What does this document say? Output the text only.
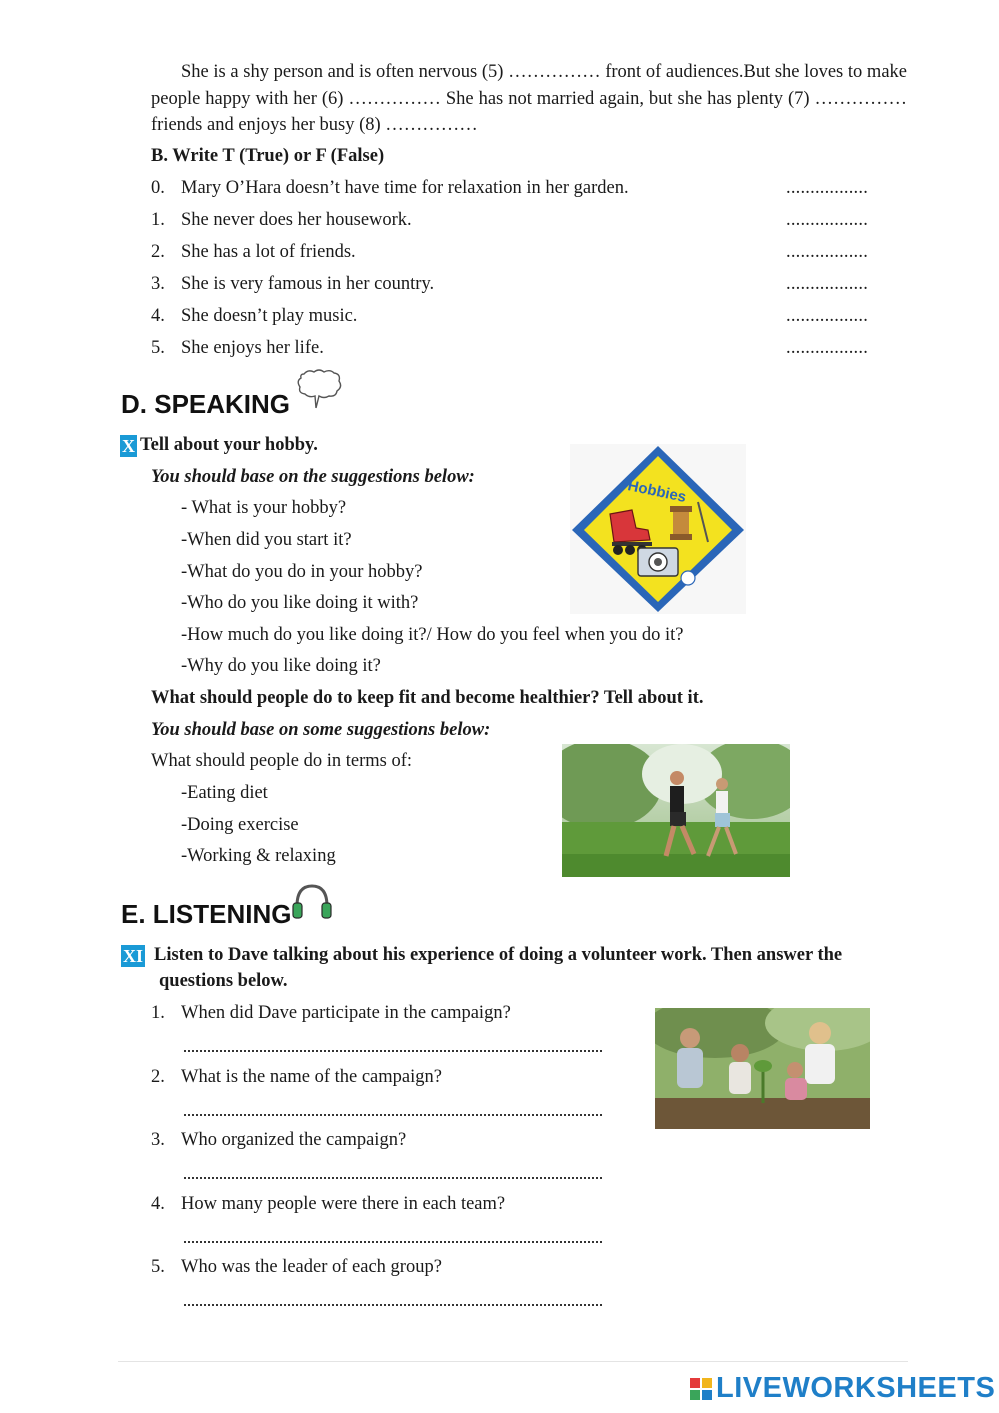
She is a shy person and is often nervous (5) …………… front of audiences.But she loves to make people happy with her (6) …………… She has not married again, but she has plenty (7) …………… friends and enjoys her busy (8) ……………
B. Write T (True) or F (False)
0. Mary O’Hara doesn’t have time for relaxation in her garden.	.................
1. She never does her housework.	.................
2. She has a lot of friends.	.................
3. She is very famous in her country.	.................
4. She doesn’t play music.	.................
5. She enjoys her life.	.................
D. SPEAKING
X Tell about your hobby.
You should base on the suggestions below:
- What is your hobby?
-When did you start it?
-What do you do in your hobby?
-Who do you like doing it with?
-How much do you like doing it?/ How do you feel when you do it?
-Why do you like doing it?
Hobbies
What should people do to keep fit and become healthier? Tell about it.
You should base on some suggestions below:
What should people do in terms of:
-Eating diet
-Doing exercise
-Working & relaxing
E. LISTENING
XI Listen to Dave talking about his experience of doing a volunteer work. Then answer the
questions below.
1. When did Dave participate in the campaign?
2. What is the name of the campaign?
3. Who organized the campaign?
4. How many people were there in each team?
5. Who was the leader of each group?
LIVEWORKSHEETS
